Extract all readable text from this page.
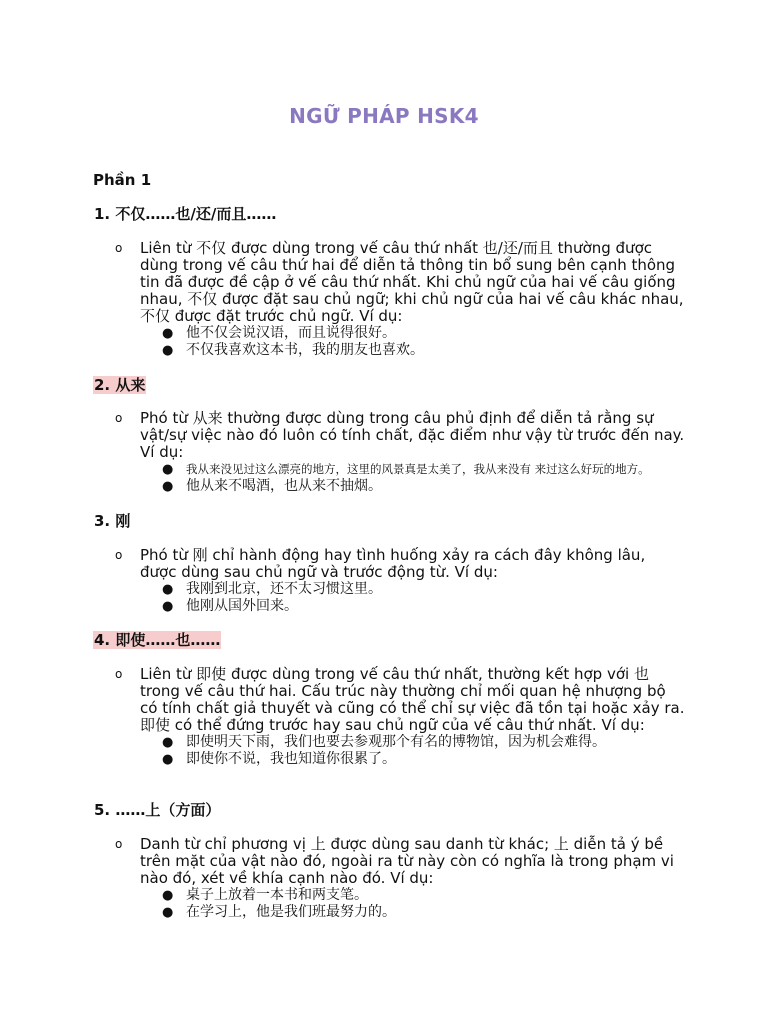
NGỮ PHÁP HSK4
Phần 1
1. 不仅……也/还/而且……
o Liên từ 不仅 được dùng trong vế câu thứ nhất 也/还/而且 thường được dùng trong vế câu thứ hai để diễn tả thông tin bổ sung bên cạnh thông tin đã được đề cập ở vế câu thứ nhất. Khi chủ ngữ của hai vế câu giống nhau, 不仅 được đặt sau chủ ngữ; khi chủ ngữ của hai vế câu khác nhau, 不仅 được đặt trước chủ ngữ. Ví dụ:
● 他不仅会说汉语，而且说得很好。
● 不仅我喜欢这本书，我的朋友也喜欢。
2. 从来
o Phó từ 从来 thường được dùng trong câu phủ định để diễn tả rằng sự vật/sự việc nào đó luôn có tính chất, đặc điểm như vậy từ trước đến nay. Ví dụ:
● 我从来没见过这么漂亮的地方，这里的风景真是太美了，我从来没有 来过这么好玩的地方。
● 他从来不喝酒，也从来不抽烟。
3. 刚
o Phó từ 刚 chỉ hành động hay tình huống xảy ra cách đây không lâu, được dùng sau chủ ngữ và trước động từ. Ví dụ:
● 我刚到北京，还不太习惯这里。
● 他刚从国外回来。
4. 即使……也……
o Liên từ 即使 được dùng trong vế câu thứ nhất, thường kết hợp với 也 trong vế câu thứ hai. Cấu trúc này thường chỉ mối quan hệ nhượng bộ có tính chất giả thuyết và cũng có thể chỉ sự việc đã tồn tại hoặc xảy ra. 即使 có thể đứng trước hay sau chủ ngữ của vế câu thứ nhất. Ví dụ:
● 即使明天下雨，我们也要去参观那个有名的博物馆，因为机会难得。
● 即使你不说，我也知道你很累了。
5. ……上（方面）
o Danh từ chỉ phương vị 上 được dùng sau danh từ khác; 上 diễn tả ý bề trên mặt của vật nào đó, ngoài ra từ này còn có nghĩa là trong phạm vi nào đó, xét về khía cạnh nào đó. Ví dụ:
● 桌子上放着一本书和两支笔。
● 在学习上，他是我们班最努力的。
